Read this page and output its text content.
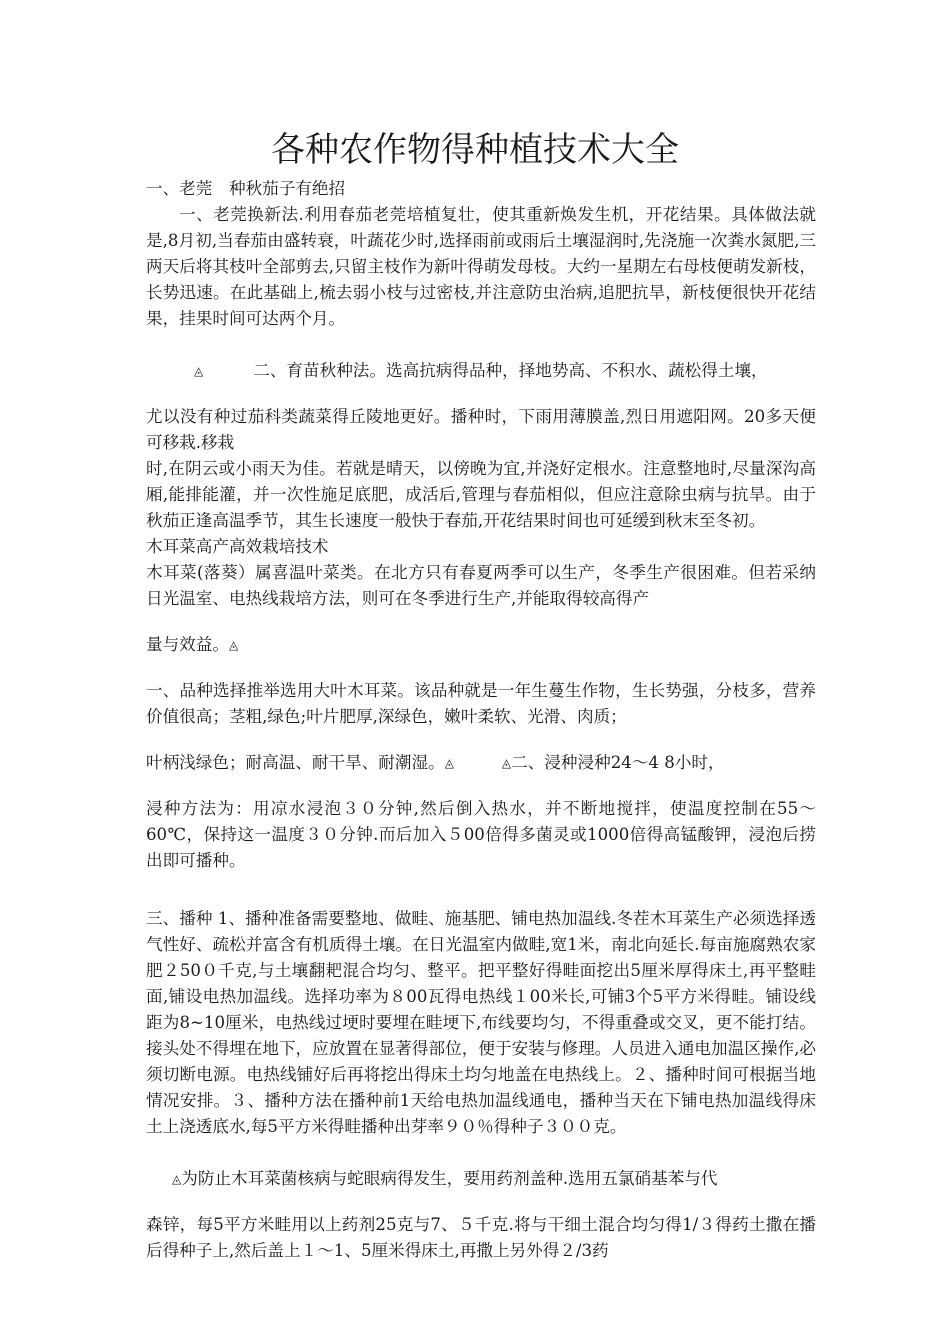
各种农作物得种植技术大全

一、老莞　种秋茄子有绝招

一、老莞换新法.利用春茄老莞培植复壮，使其重新焕发生机，开花结果。具体做法就是,8月初,当春茄由盛转衰，叶蔬花少时,选择雨前或雨后土壤湿润时,先浇施一次粪水氮肥,三两天后将其枝叶全部剪去,只留主枝作为新叶得萌发母枝。大约一星期左右母枝便萌发新枝，长势迅速。在此基础上,梳去弱小枝与过密枝,并注意防虫治病,追肥抗旱，新枝便很快开花结果，挂果时间可达两个月。

◬	二、育苗秋种法。选高抗病得品种，择地势高、不积水、蔬松得土壤，

尤以没有种过茄科类蔬菜得丘陵地更好。播种时，下雨用薄膜盖,烈日用遮阳网。20多天便可移栽.移栽

时,在阴云或小雨天为佳。若就是晴天，以傍晚为宜,并浇好定根水。注意整地时,尽量深沟高厢,能排能灌，并一次性施足底肥，成活后,管理与春茄相似，但应注意除虫病与抗旱。由于秋茄正逢高温季节，其生长速度一般快于春茄,开花结果时间也可延缓到秋末至冬初。

木耳菜高产高效栽培技术

木耳菜(落葵）属喜温叶菜类。在北方只有春夏两季可以生产，冬季生产很困难。但若采纳日光温室、电热线栽培方法，则可在冬季进行生产,并能取得较高得产

量与效益。◬

一、品种选择推举选用大叶木耳菜。该品种就是一年生蔓生作物，生长势强，分枝多，营养价值很高；茎粗,绿色;叶片肥厚,深绿色，嫩叶柔软、光滑、肉质；

叶柄浅绿色；耐高温、耐干旱、耐潮湿。◬	◬二、浸种浸种24～4 8小时，

浸种方法为：用凉水浸泡３０分钟,然后倒入热水，并不断地搅拌，使温度控制在55～60℃，保持这一温度３０分钟.而后加入５00倍得多菌灵或1000倍得高锰酸钾，浸泡后捞出即可播种。

三、播种 1、播种准备需要整地、做畦、施基肥、铺电热加温线.冬茬木耳菜生产必须选择透气性好、疏松并富含有机质得土壤。在日光温室内做畦,宽1米，南北向延长.每亩施腐熟农家肥２50０千克,与土壤翻耙混合均匀、整平。把平整好得畦面挖出5厘米厚得床土,再平整畦面,铺设电热加温线。选择功率为８00瓦得电热线１00米长,可铺3个5平方米得畦。铺设线距为8~10厘米，电热线过埂时要埋在畦埂下,布线要均匀，不得重叠或交叉，更不能打结。接头处不得埋在地下，应放置在显著得部位，便于安装与修理。人员进入通电加温区操作,必须切断电源。电热线铺好后再将挖出得床土均匀地盖在电热线上。２、播种时间可根据当地情况安排。３、播种方法在播种前1天给电热加温线通电，播种当天在下铺电热加温线得床土上浇透底水,每5平方米得畦播种出芽率９０％得种子３００克。

◬为防止木耳菜菌核病与蛇眼病得发生，要用药剂盖种.选用五氯硝基苯与代

森锌，每5平方米畦用以上药剂25克与7、５千克.将与干细土混合均匀得1/３得药土撒在播后得种子上,然后盖上１～1、5厘米得床土,再撒上另外得２/3药
